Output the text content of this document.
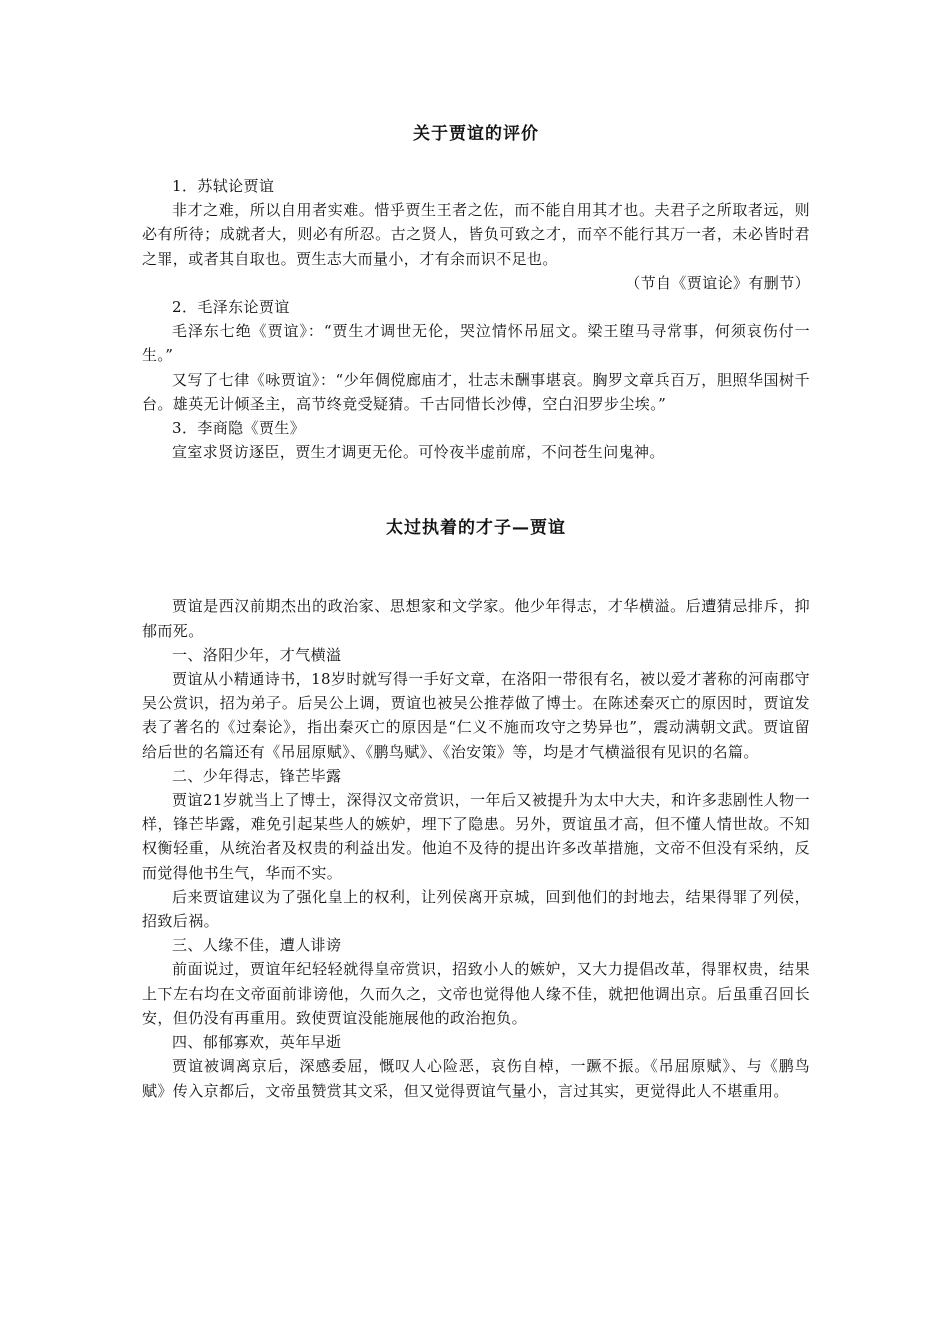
关于贾谊的评价

1．苏轼论贾谊

非才之难，所以自用者实难。惜乎贾生王者之佐，而不能自用其才也。夫君子之所取者远，则必有所待；成就者大，则必有所忍。古之贤人，皆负可致之才，而卒不能行其万一者，未必皆时君之罪，或者其自取也。贾生志大而量小，才有余而识不足也。

（节自《贾谊论》有删节）

2．毛泽东论贾谊

毛泽东七绝《贾谊》：“贾生才调世无伦，哭泣情怀吊屈文。梁王堕马寻常事，何须哀伤付一生。”

又写了七律《咏贾谊》：“少年倜傥廊庙才，壮志未酬事堪哀。胸罗文章兵百万，胆照华国树千台。雄英无计倾圣主，高节终竟受疑猜。千古同惜长沙傅，空白汨罗步尘埃。”

3．李商隐《贾生》

宣室求贤访逐臣，贾生才调更无伦。可怜夜半虚前席，不问苍生问鬼神。

太过执着的才子—贾谊

贾谊是西汉前期杰出的政治家、思想家和文学家。他少年得志，才华横溢。后遭猜忌排斥，抑郁而死。

一、洛阳少年，才气横溢

贾谊从小精通诗书，18岁时就写得一手好文章，在洛阳一带很有名，被以爱才著称的河南郡守吴公赏识，招为弟子。后吴公上调，贾谊也被吴公推荐做了博士。在陈述秦灭亡的原因时，贾谊发表了著名的《过秦论》，指出秦灭亡的原因是“仁义不施而攻守之势异也”，震动满朝文武。贾谊留给后世的名篇还有《吊屈原赋》、《鹏鸟赋》、《治安策》等，均是才气横溢很有见识的名篇。

二、少年得志，锋芒毕露

贾谊21岁就当上了博士，深得汉文帝赏识，一年后又被提升为太中大夫，和许多悲剧性人物一样，锋芒毕露，难免引起某些人的嫉妒，埋下了隐患。另外，贾谊虽才高，但不懂人情世故。不知权衡轻重，从统治者及权贵的利益出发。他迫不及待的提出许多改革措施，文帝不但没有采纳，反而觉得他书生气，华而不实。

后来贾谊建议为了强化皇上的权利，让列侯离开京城，回到他们的封地去，结果得罪了列侯，招致后祸。

三、人缘不佳，遭人诽谤

前面说过，贾谊年纪轻轻就得皇帝赏识，招致小人的嫉妒，又大力提倡改革，得罪权贵，结果上下左右均在文帝面前诽谤他，久而久之，文帝也觉得他人缘不佳，就把他调出京。后虽重召回长安，但仍没有再重用。致使贾谊没能施展他的政治抱负。

四、郁郁寡欢，英年早逝

贾谊被调离京后，深感委屈，慨叹人心险恶，哀伤自棹，一蹶不振。《吊屈原赋》、与《鹏鸟赋》传入京都后，文帝虽赞赏其文采，但又觉得贾谊气量小，言过其实，更觉得此人不堪重用。
